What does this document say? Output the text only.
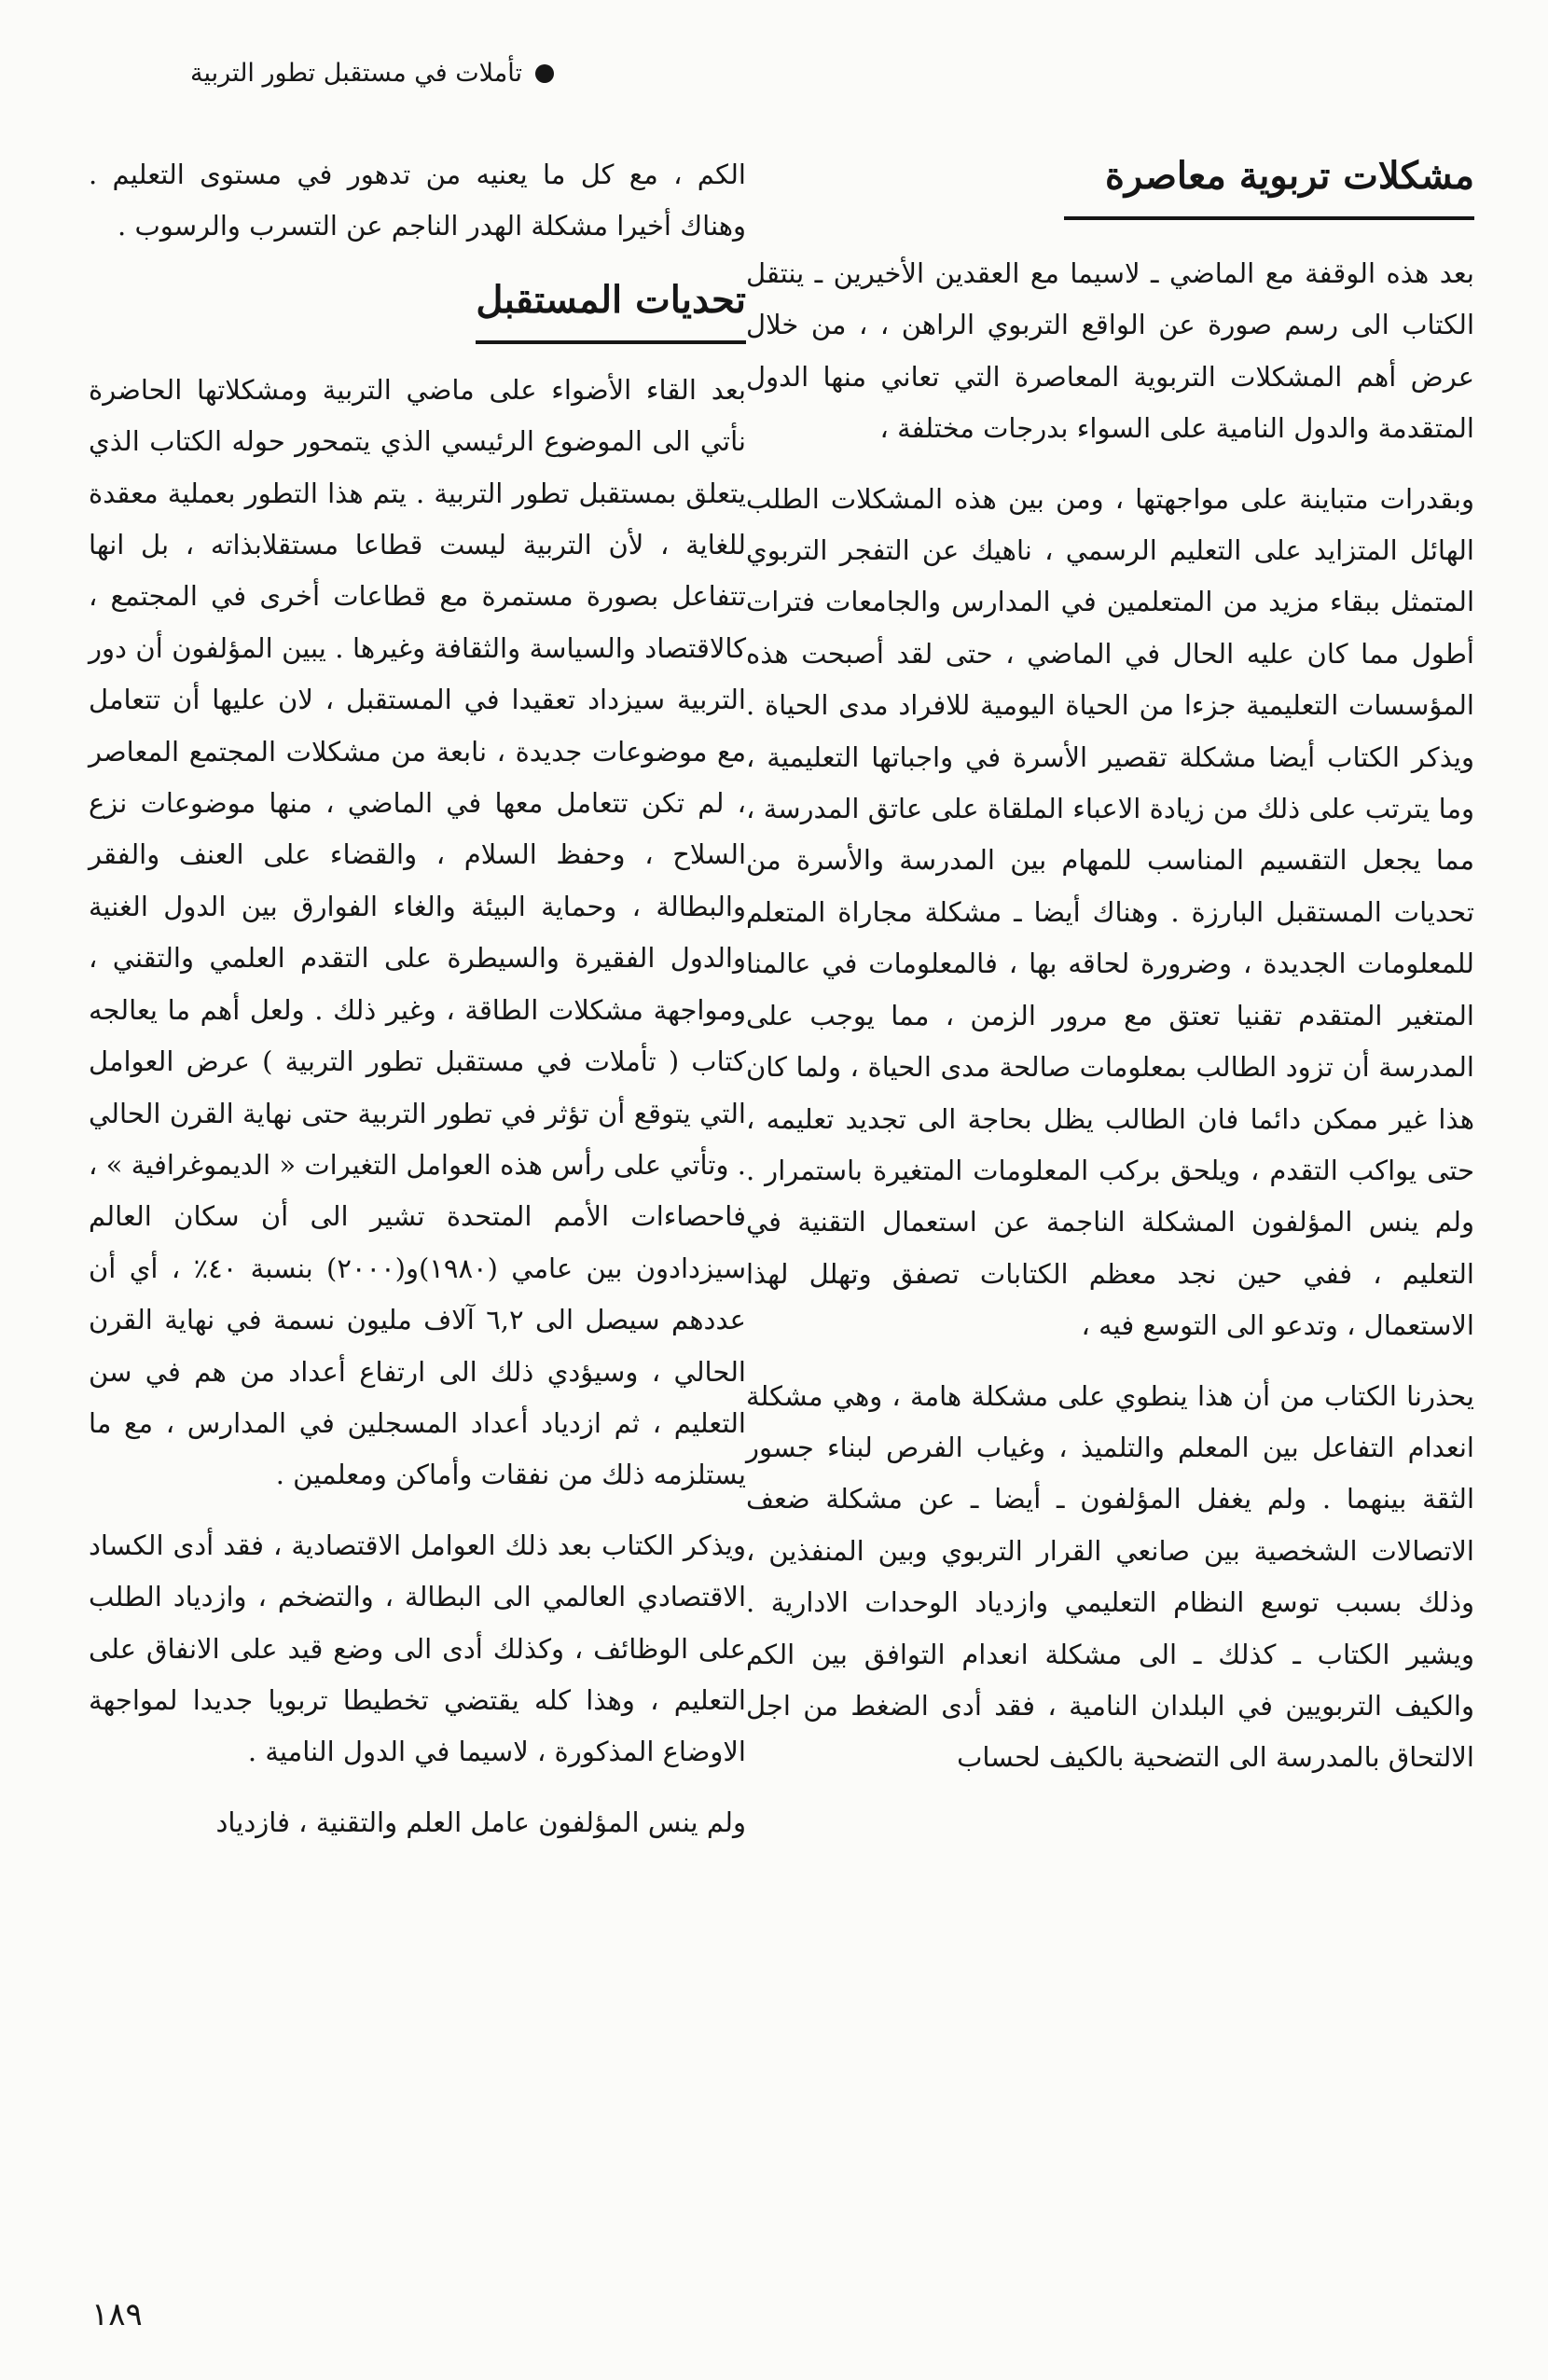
تأملات في مستقبل تطور التربية
مشكلات تربوية معاصرة

بعد هذه الوقفة مع الماضي ـ لاسيما مع العقدين الأخيرين ـ ينتقل الكتاب الى رسم صورة عن الواقع التربوي الراهن ، ، من خلال عرض أهم المشكلات التربوية المعاصرة التي تعاني منها الدول المتقدمة والدول النامية على السواء بدرجات مختلفة ،

وبقدرات متباينة على مواجهتها ، ومن بين هذه المشكلات الطلب الهائل المتزايد على التعليم الرسمي ، ناهيك عن التفجر التربوي المتمثل ببقاء مزيد من المتعلمين في المدارس والجامعات فترات أطول مما كان عليه الحال في الماضي ، حتى لقد أصبحت هذه المؤسسات التعليمية جزءا من الحياة اليومية للافراد مدى الحياة . ويذكر الكتاب أيضا مشكلة تقصير الأسرة في واجباتها التعليمية ، وما يترتب على ذلك من زيادة الاعباء الملقاة على عاتق المدرسة ، مما يجعل التقسيم المناسب للمهام بين المدرسة والأسرة من تحديات المستقبل البارزة . وهناك أيضا ـ مشكلة مجاراة المتعلم للمعلومات الجديدة ، وضرورة لحاقه بها ، فالمعلومات في عالمنا المتغير المتقدم تقنيا تعتق مع مرور الزمن ، مما يوجب على المدرسة أن تزود الطالب بمعلومات صالحة مدى الحياة ، ولما كان هذا غير ممكن دائما فان الطالب يظل بحاجة الى تجديد تعليمه ، حتى يواكب التقدم ، ويلحق بركب المعلومات المتغيرة باستمرار . ولم ينس المؤلفون المشكلة الناجمة عن استعمال التقنية في التعليم ، ففي حين نجد معظم الكتابات تصفق وتهلل لهذا الاستعمال ، وتدعو الى التوسع فيه ،

يحذرنا الكتاب من أن هذا ينطوي على مشكلة هامة ، وهي مشكلة انعدام التفاعل بين المعلم والتلميذ ، وغياب الفرص لبناء جسور الثقة بينهما . ولم يغفل المؤلفون ـ أيضا ـ عن مشكلة ضعف الاتصالات الشخصية بين صانعي القرار التربوي وبين المنفذين ، وذلك بسبب توسع النظام التعليمي وازدياد الوحدات الادارية . ويشير الكتاب ـ كذلك ـ الى مشكلة انعدام التوافق بين الكم والكيف التربويين في البلدان النامية ، فقد أدى الضغط من اجل الالتحاق بالمدرسة الى التضحية بالكيف لحساب

الكم ، مع كل ما يعنيه من تدهور في مستوى التعليم . وهناك أخيرا مشكلة الهدر الناجم عن التسرب والرسوب .

تحديات المستقبل

بعد القاء الأضواء على ماضي التربية ومشكلاتها الحاضرة نأتي الى الموضوع الرئيسي الذي يتمحور حوله الكتاب الذي يتعلق بمستقبل تطور التربية . يتم هذا التطور بعملية معقدة للغاية ، لأن التربية ليست قطاعا مستقلابذاته ، بل انها تتفاعل بصورة مستمرة مع قطاعات أخرى في المجتمع ، كالاقتصاد والسياسة والثقافة وغيرها . يبين المؤلفون أن دور التربية سيزداد تعقيدا في المستقبل ، لان عليها أن تتعامل مع موضوعات جديدة ، نابعة من مشكلات المجتمع المعاصر ، لم تكن تتعامل معها في الماضي ، منها موضوعات نزع السلاح ، وحفظ السلام ، والقضاء على العنف والفقر والبطالة ، وحماية البيئة والغاء الفوارق بين الدول الغنية والدول الفقيرة والسيطرة على التقدم العلمي والتقني ، ومواجهة مشكلات الطاقة ، وغير ذلك . ولعل أهم ما يعالجه كتاب ( تأملات في مستقبل تطور التربية ) عرض العوامل التي يتوقع أن تؤثر في تطور التربية حتى نهاية القرن الحالي . وتأتي على رأس هذه العوامل التغيرات « الديموغرافية » ، فاحصاءات الأمم المتحدة تشير الى أن سكان العالم سيزدادون بين عامي (١٩٨٠)و(٢٠٠٠) بنسبة ٤٠٪ ، أي أن عددهم سيصل الى ٦,٢ آلاف مليون نسمة في نهاية القرن الحالي ، وسيؤدي ذلك الى ارتفاع أعداد من هم في سن التعليم ، ثم ازدياد أعداد المسجلين في المدارس ، مع ما يستلزمه ذلك من نفقات وأماكن ومعلمين .

ويذكر الكتاب بعد ذلك العوامل الاقتصادية ، فقد أدى الكساد الاقتصادي العالمي الى البطالة ، والتضخم ، وازدياد الطلب على الوظائف ، وكذلك أدى الى وضع قيد على الانفاق على التعليم ، وهذا كله يقتضي تخطيطا تربويا جديدا لمواجهة الاوضاع المذكورة ، لاسيما في الدول النامية .

ولم ينس المؤلفون عامل العلم والتقنية ، فازدياد

١٨٩
